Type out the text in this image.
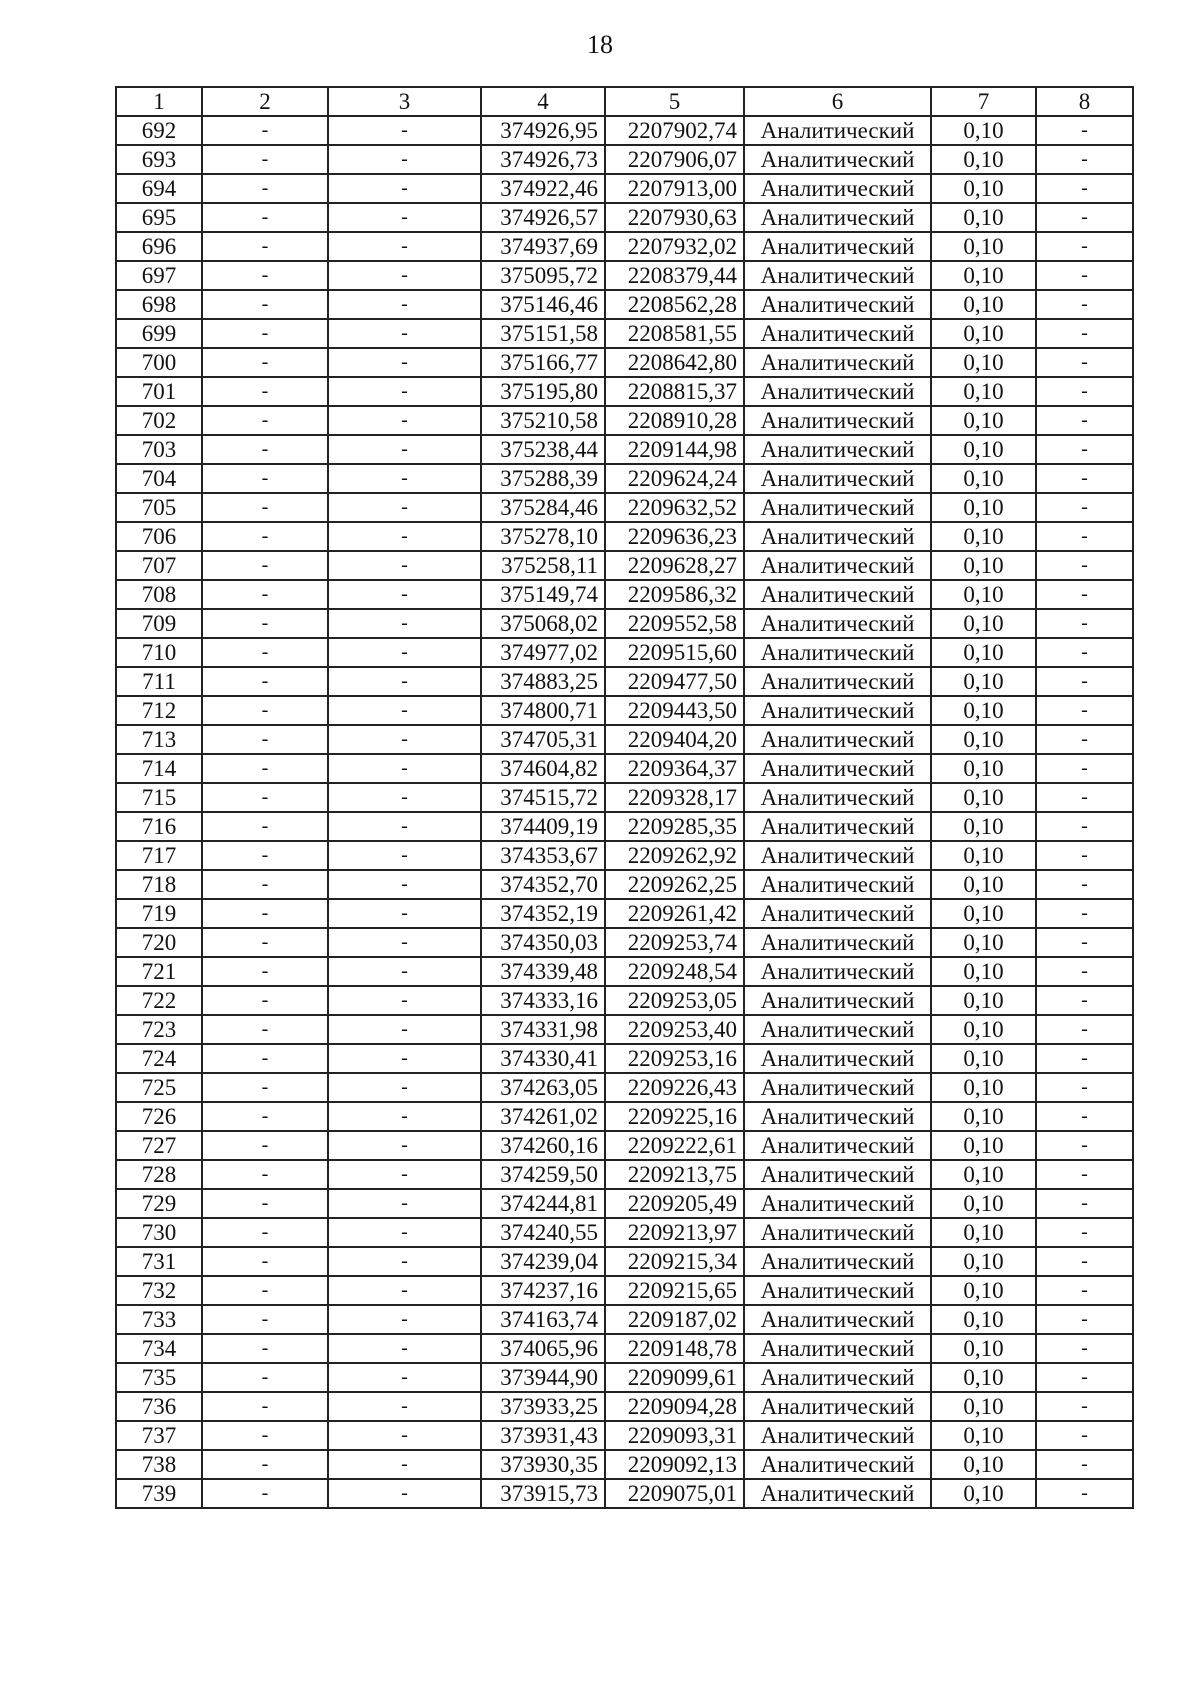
18
1	2	3	4	5	6	7	8
692	-	-	374926,95	2207902,74	Аналитический	0,10	-
693	-	-	374926,73	2207906,07	Аналитический	0,10	-
694	-	-	374922,46	2207913,00	Аналитический	0,10	-
695	-	-	374926,57	2207930,63	Аналитический	0,10	-
696	-	-	374937,69	2207932,02	Аналитический	0,10	-
697	-	-	375095,72	2208379,44	Аналитический	0,10	-
698	-	-	375146,46	2208562,28	Аналитический	0,10	-
699	-	-	375151,58	2208581,55	Аналитический	0,10	-
700	-	-	375166,77	2208642,80	Аналитический	0,10	-
701	-	-	375195,80	2208815,37	Аналитический	0,10	-
702	-	-	375210,58	2208910,28	Аналитический	0,10	-
703	-	-	375238,44	2209144,98	Аналитический	0,10	-
704	-	-	375288,39	2209624,24	Аналитический	0,10	-
705	-	-	375284,46	2209632,52	Аналитический	0,10	-
706	-	-	375278,10	2209636,23	Аналитический	0,10	-
707	-	-	375258,11	2209628,27	Аналитический	0,10	-
708	-	-	375149,74	2209586,32	Аналитический	0,10	-
709	-	-	375068,02	2209552,58	Аналитический	0,10	-
710	-	-	374977,02	2209515,60	Аналитический	0,10	-
711	-	-	374883,25	2209477,50	Аналитический	0,10	-
712	-	-	374800,71	2209443,50	Аналитический	0,10	-
713	-	-	374705,31	2209404,20	Аналитический	0,10	-
714	-	-	374604,82	2209364,37	Аналитический	0,10	-
715	-	-	374515,72	2209328,17	Аналитический	0,10	-
716	-	-	374409,19	2209285,35	Аналитический	0,10	-
717	-	-	374353,67	2209262,92	Аналитический	0,10	-
718	-	-	374352,70	2209262,25	Аналитический	0,10	-
719	-	-	374352,19	2209261,42	Аналитический	0,10	-
720	-	-	374350,03	2209253,74	Аналитический	0,10	-
721	-	-	374339,48	2209248,54	Аналитический	0,10	-
722	-	-	374333,16	2209253,05	Аналитический	0,10	-
723	-	-	374331,98	2209253,40	Аналитический	0,10	-
724	-	-	374330,41	2209253,16	Аналитический	0,10	-
725	-	-	374263,05	2209226,43	Аналитический	0,10	-
726	-	-	374261,02	2209225,16	Аналитический	0,10	-
727	-	-	374260,16	2209222,61	Аналитический	0,10	-
728	-	-	374259,50	2209213,75	Аналитический	0,10	-
729	-	-	374244,81	2209205,49	Аналитический	0,10	-
730	-	-	374240,55	2209213,97	Аналитический	0,10	-
731	-	-	374239,04	2209215,34	Аналитический	0,10	-
732	-	-	374237,16	2209215,65	Аналитический	0,10	-
733	-	-	374163,74	2209187,02	Аналитический	0,10	-
734	-	-	374065,96	2209148,78	Аналитический	0,10	-
735	-	-	373944,90	2209099,61	Аналитический	0,10	-
736	-	-	373933,25	2209094,28	Аналитический	0,10	-
737	-	-	373931,43	2209093,31	Аналитический	0,10	-
738	-	-	373930,35	2209092,13	Аналитический	0,10	-
739	-	-	373915,73	2209075,01	Аналитический	0,10	-
